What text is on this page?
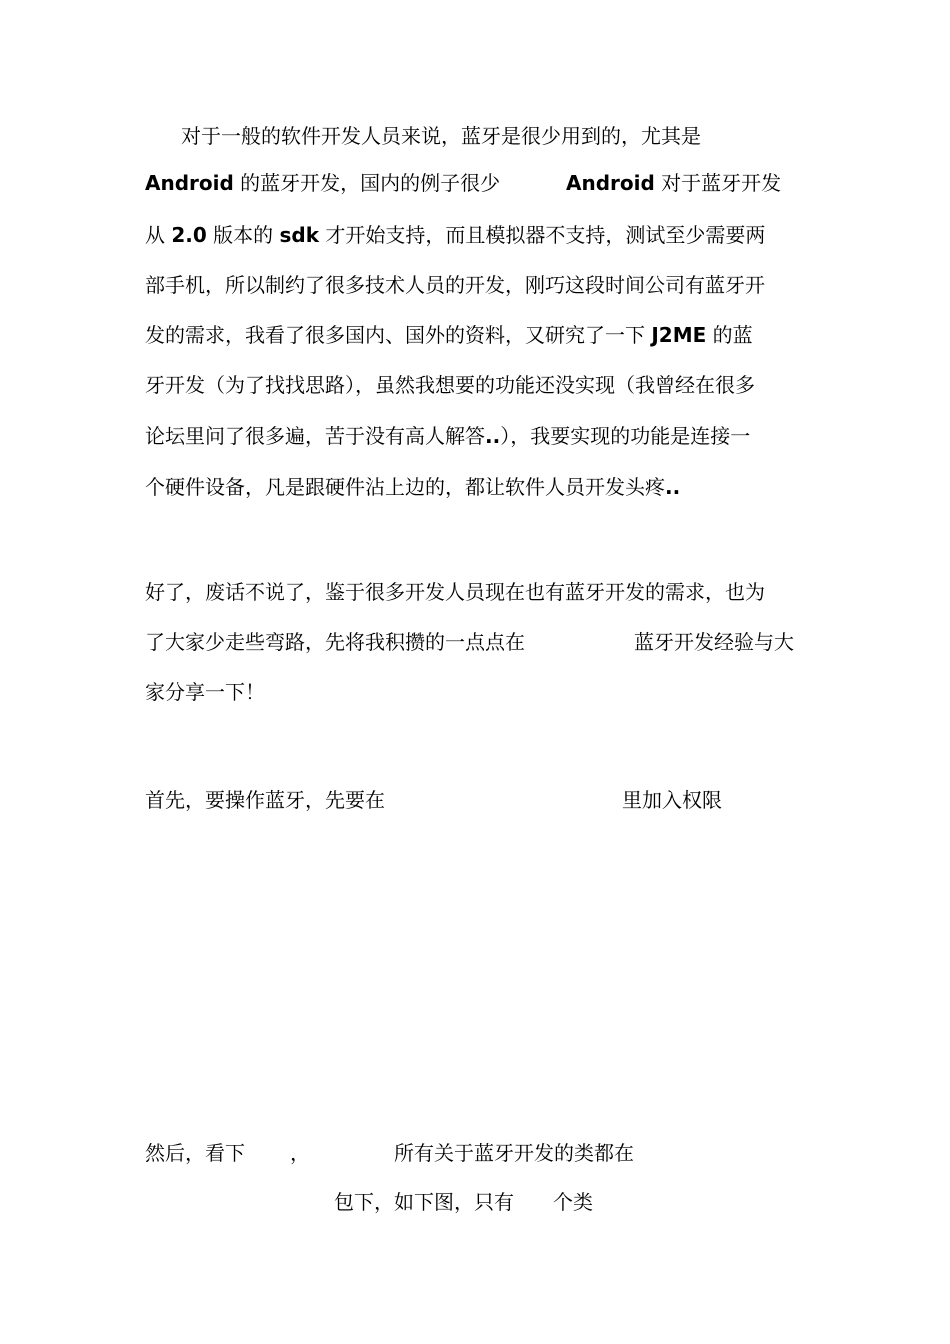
对于一般的软件开发人员来说，蓝牙是很少用到的，尤其是
Android 的蓝牙开发，国内的例子很少	Android 对于蓝牙开发
从 2.0 版本的 sdk 才开始支持，而且模拟器不支持，测试至少需要两
部手机，所以制约了很多技术人员的开发，刚巧这段时间公司有蓝牙开
发的需求，我看了很多国内、国外的资料，又研究了一下 J2ME 的蓝
牙开发（为了找找思路），虽然我想要的功能还没实现（我曾经在很多
论坛里问了很多遍，苦于没有高人解答..），我要实现的功能是连接一
个硬件设备，凡是跟硬件沾上边的，都让软件人员开发头疼..
好了，废话不说了，鉴于很多开发人员现在也有蓝牙开发的需求，也为
了大家少走些弯路，先将我积攒的一点点在	蓝牙开发经验与大
家分享一下！
首先，要操作蓝牙，先要在	里加入权限
然后，看下 ，	所有关于蓝牙开发的类都在
包下，如下图，只有 个类
